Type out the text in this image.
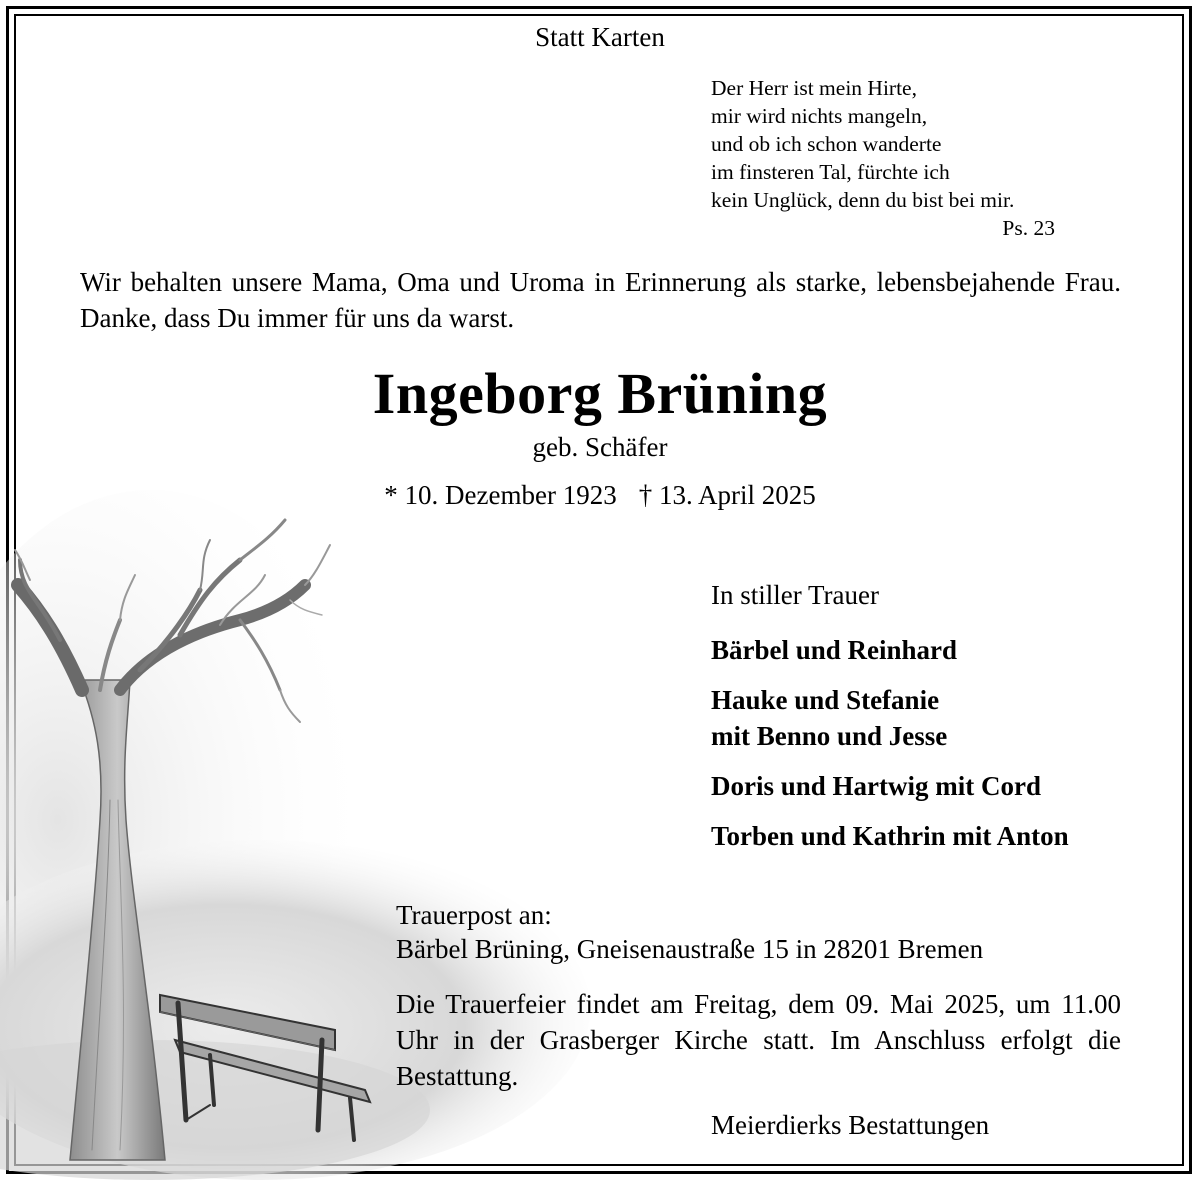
Statt Karten
Der Herr ist mein Hirte,
mir wird nichts mangeln,
und ob ich schon wanderte
im finsteren Tal, fürchte ich
kein Unglück, denn du bist bei mir.
Ps. 23
Wir behalten unsere Mama, Oma und Uroma in Erinnerung als starke, lebensbejahende Frau. Danke, dass Du immer für uns da warst.
Ingeborg Brüning
geb. Schäfer
* 10. Dezember 1923 † 13. April 2025
In stiller Trauer
Bärbel und Reinhard
Hauke und Stefanie
mit Benno und Jesse
Doris und Hartwig mit Cord
Torben und Kathrin mit Anton
Trauerpost an:
Bärbel Brüning, Gneisenaustraße 15 in 28201 Bremen
Die Trauerfeier findet am Freitag, dem 09. Mai 2025, um 11.00 Uhr in der Grasberger Kirche statt. Im Anschluss erfolgt die Bestattung.
Meierdierks Bestattungen
